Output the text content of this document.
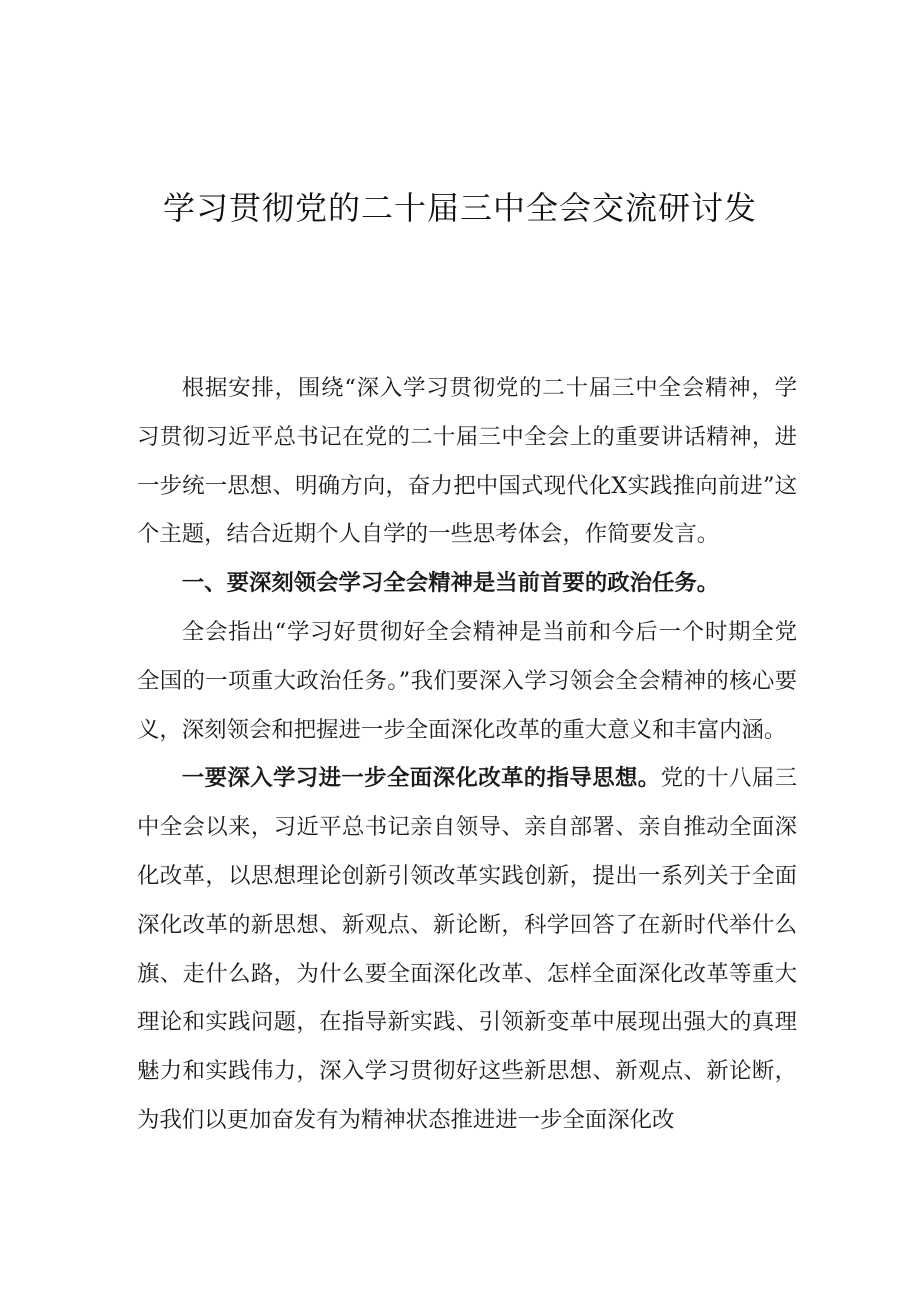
学习贯彻党的二十届三中全会交流研讨发

根据安排，围绕“深入学习贯彻党的二十届三中全会精神，学习贯彻习近平总书记在党的二十届三中全会上的重要讲话精神，进一步统一思想、明确方向，奋力把中国式现代化X实践推向前进”这个主题，结合近期个人自学的一些思考体会，作简要发言。

一、要深刻领会学习全会精神是当前首要的政治任务。

全会指出“学习好贯彻好全会精神是当前和今后一个时期全党全国的一项重大政治任务。”我们要深入学习领会全会精神的核心要义，深刻领会和把握进一步全面深化改革的重大意义和丰富内涵。

一要深入学习进一步全面深化改革的指导思想。党的十八届三中全会以来，习近平总书记亲自领导、亲自部署、亲自推动全面深化改革，以思想理论创新引领改革实践创新，提出一系列关于全面深化改革的新思想、新观点、新论断，科学回答了在新时代举什么旗、走什么路，为什么要全面深化改革、怎样全面深化改革等重大理论和实践问题，在指导新实践、引领新变革中展现出强大的真理魅力和实践伟力，深入学习贯彻好这些新思想、新观点、新论断，为我们以更加奋发有为精神状态推进进一步全面深化改
